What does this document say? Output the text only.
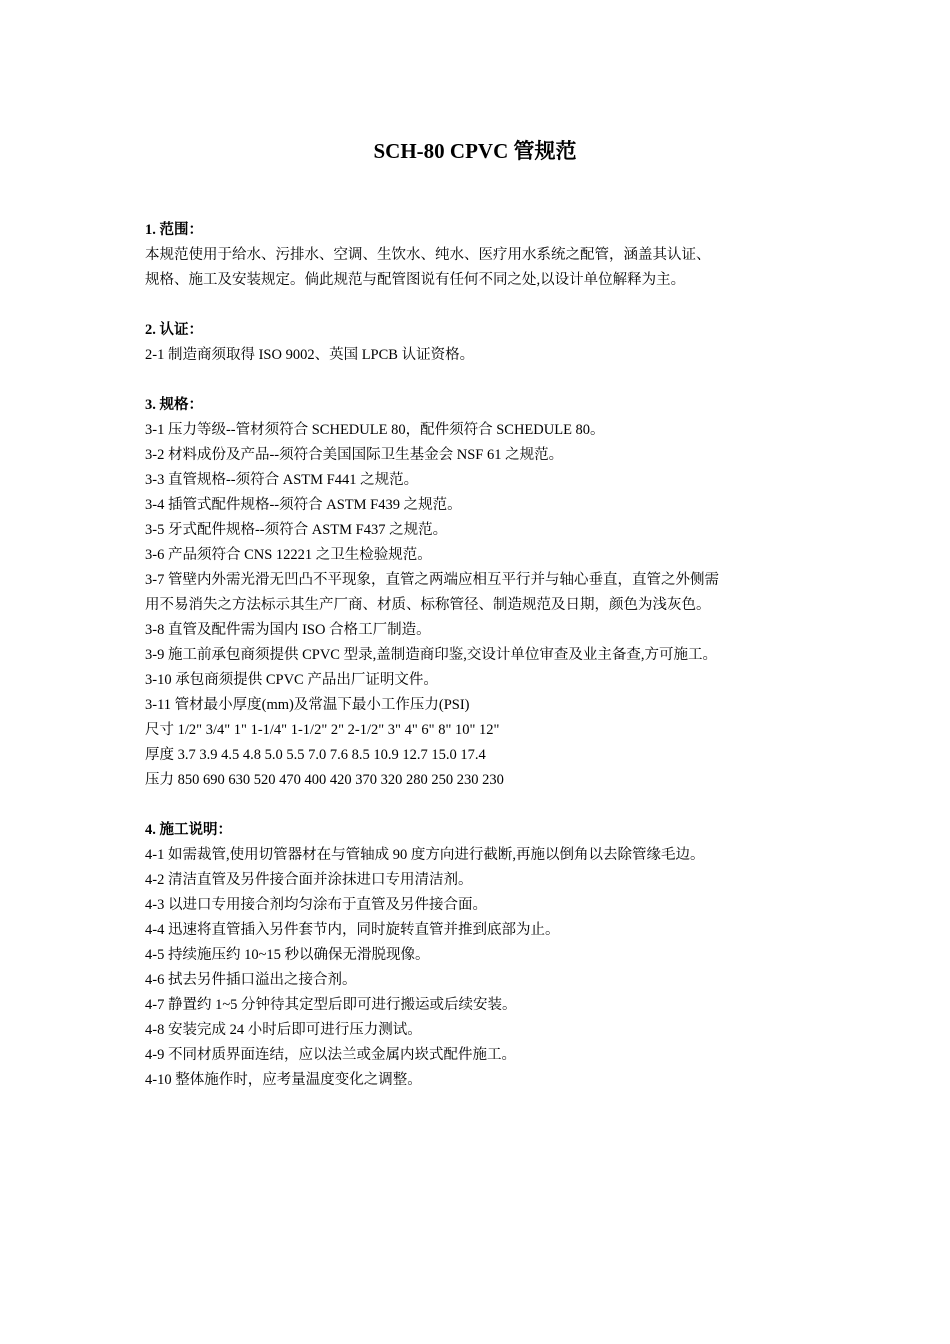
SCH-80 CPVC 管规范
1. 范围：
本规范使用于给水、污排水、空调、生饮水、纯水、医疗用水系统之配管，涵盖其认证、
规格、施工及安装规定。倘此规范与配管图说有任何不同之处,以设计单位解释为主。
2. 认证：
2-1 制造商须取得 ISO 9002、英国 LPCB 认证资格。
3. 规格：
3-1 压力等级--管材须符合 SCHEDULE 80，配件须符合 SCHEDULE 80。
3-2 材料成份及产品--须符合美国国际卫生基金会 NSF 61 之规范。
3-3 直管规格--须符合 ASTM F441 之规范。
3-4 插管式配件规格--须符合 ASTM F439 之规范。
3-5 牙式配件规格--须符合 ASTM F437 之规范。
3-6 产品须符合 CNS 12221 之卫生检验规范。
3-7 管壁内外需光滑无凹凸不平现象，直管之两端应相互平行并与轴心垂直，直管之外侧需
用不易消失之方法标示其生产厂商、材质、标称管径、制造规范及日期，颜色为浅灰色。
3-8 直管及配件需为国内 ISO 合格工厂制造。
3-9 施工前承包商须提供 CPVC 型录,盖制造商印鉴,交设计单位审查及业主备查,方可施工。
3-10 承包商须提供 CPVC 产品出厂证明文件。
3-11 管材最小厚度(mm)及常温下最小工作压力(PSI)
尺寸 1/2" 3/4" 1" 1-1/4" 1-1/2" 2" 2-1/2" 3" 4" 6" 8" 10" 12"
厚度 3.7 3.9 4.5 4.8 5.0 5.5 7.0 7.6 8.5 10.9 12.7 15.0 17.4
压力 850 690 630 520 470 400 420 370 320 280 250 230 230
4. 施工说明：
4-1 如需裁管,使用切管器材在与管轴成 90 度方向进行截断,再施以倒角以去除管缘毛边。
4-2 清洁直管及另件接合面并涂抹进口专用清洁剂。
4-3 以进口专用接合剂均匀涂布于直管及另件接合面。
4-4 迅速将直管插入另件套节内，同时旋转直管并推到底部为止。
4-5 持续施压约 10~15 秒以确保无滑脱现像。
4-6 拭去另件插口溢出之接合剂。
4-7 静置约 1~5 分钟待其定型后即可进行搬运或后续安装。
4-8 安装完成 24 小时后即可进行压力测试。
4-9 不同材质界面连结，应以法兰或金属内崁式配件施工。
4-10 整体施作时，应考量温度变化之调整。
